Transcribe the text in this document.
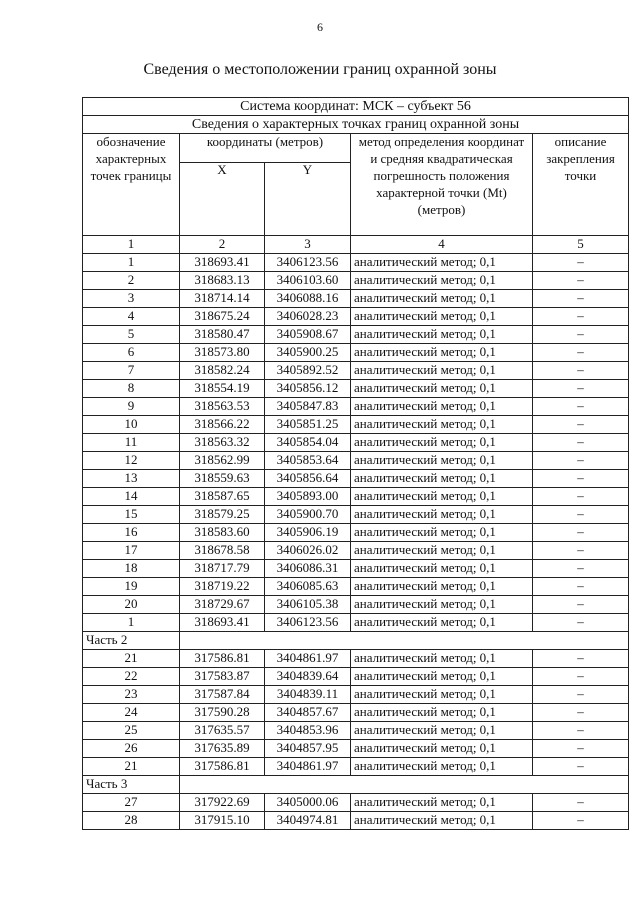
6
Сведения о местоположении границ охранной зоны
Система координат: МСК – субъект 56				
Сведения о характерных точках границ охранной зоны				
обозначение характерных точек границы	координаты (метров)		метод определения координат и средняя квадратическая погрешность положения характерной точки (Mt) (метров)	описание закрепления точки
	X	Y		
1	2	3	4	5
1	318693.41	3406123.56	аналитический метод; 0,1	–
2	318683.13	3406103.60	аналитический метод; 0,1	–
3	318714.14	3406088.16	аналитический метод; 0,1	–
4	318675.24	3406028.23	аналитический метод; 0,1	–
5	318580.47	3405908.67	аналитический метод; 0,1	–
6	318573.80	3405900.25	аналитический метод; 0,1	–
7	318582.24	3405892.52	аналитический метод; 0,1	–
8	318554.19	3405856.12	аналитический метод; 0,1	–
9	318563.53	3405847.83	аналитический метод; 0,1	–
10	318566.22	3405851.25	аналитический метод; 0,1	–
11	318563.32	3405854.04	аналитический метод; 0,1	–
12	318562.99	3405853.64	аналитический метод; 0,1	–
13	318559.63	3405856.64	аналитический метод; 0,1	–
14	318587.65	3405893.00	аналитический метод; 0,1	–
15	318579.25	3405900.70	аналитический метод; 0,1	–
16	318583.60	3405906.19	аналитический метод; 0,1	–
17	318678.58	3406026.02	аналитический метод; 0,1	–
18	318717.79	3406086.31	аналитический метод; 0,1	–
19	318719.22	3406085.63	аналитический метод; 0,1	–
20	318729.67	3406105.38	аналитический метод; 0,1	–
1	318693.41	3406123.56	аналитический метод; 0,1	–
Часть 2				
21	317586.81	3404861.97	аналитический метод; 0,1	–
22	317583.87	3404839.64	аналитический метод; 0,1	–
23	317587.84	3404839.11	аналитический метод; 0,1	–
24	317590.28	3404857.67	аналитический метод; 0,1	–
25	317635.57	3404853.96	аналитический метод; 0,1	–
26	317635.89	3404857.95	аналитический метод; 0,1	–
21	317586.81	3404861.97	аналитический метод; 0,1	–
Часть 3				
27	317922.69	3405000.06	аналитический метод; 0,1	–
28	317915.10	3404974.81	аналитический метод; 0,1	–
